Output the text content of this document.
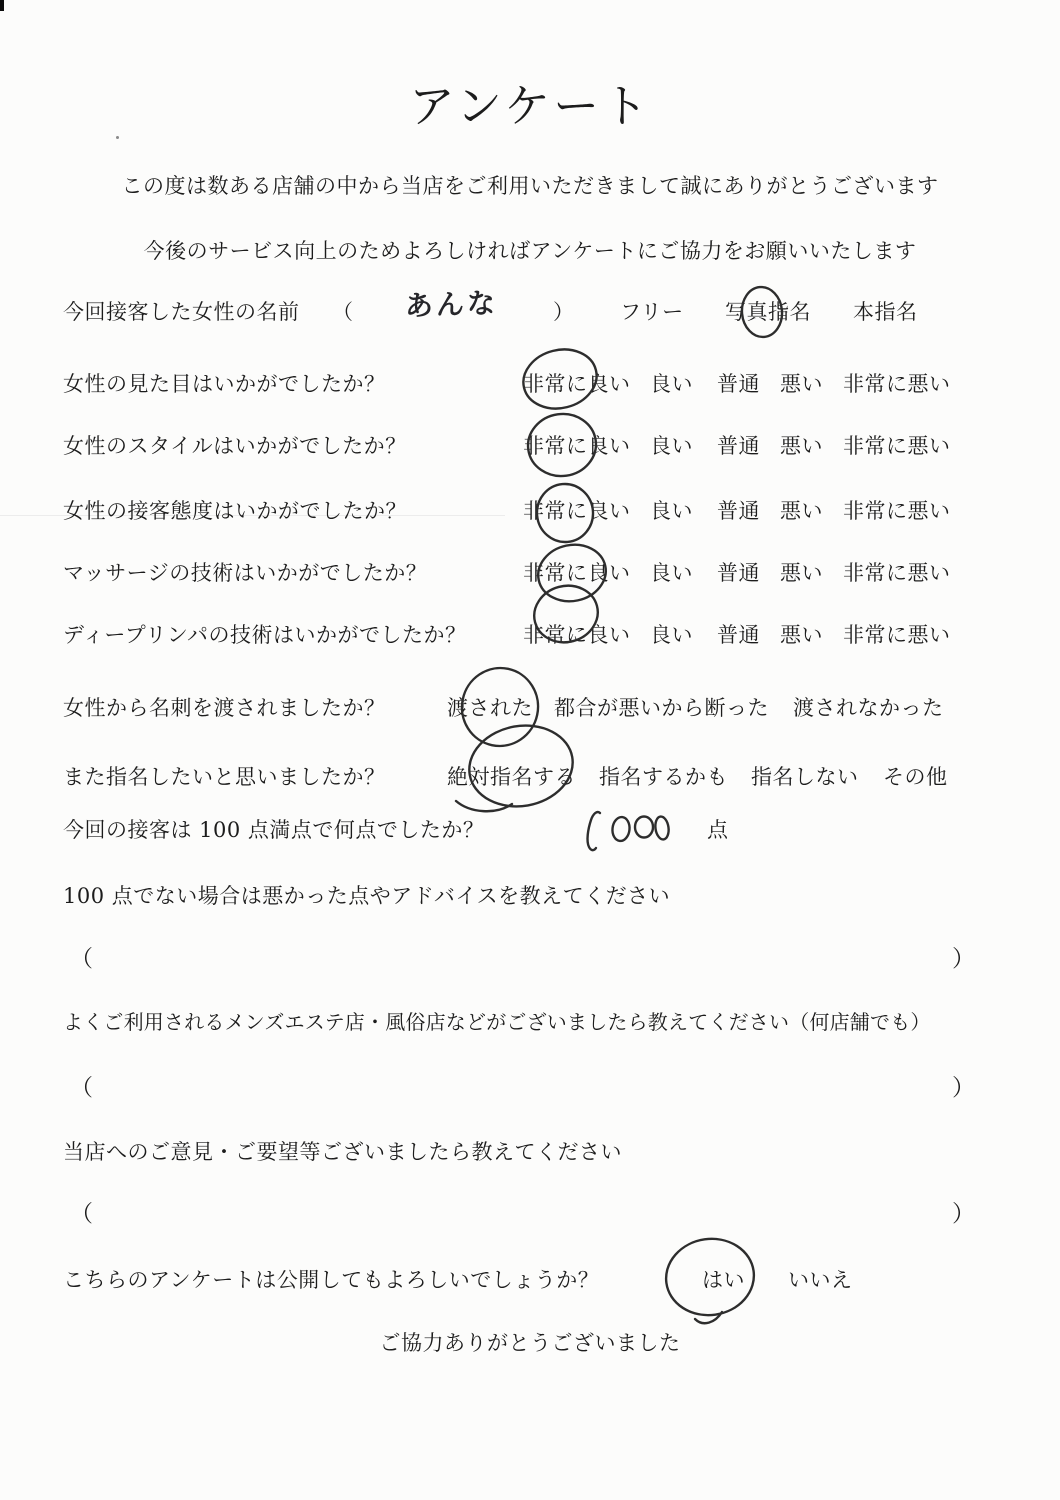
アンケート
この度は数ある店舗の中から当店をご利用いただきまして誠にありがとうございます
今後のサービス向上のためよろしければアンケートにご協力をお願いいたします
今回接客した女性の名前 （ あんな	） フリー 写真指名 本指名
女性の見た目はいかがでしたか？	非常に良い 良い 普通 悪い 非常に悪い
女性のスタイルはいかがでしたか？	非常に良い 良い 普通 悪い 非常に悪い
女性の接客態度はいかがでしたか？	非常に良い 良い 普通 悪い 非常に悪い
マッサージの技術はいかがでしたか？	非常に良い 良い 普通 悪い 非常に悪い
ディープリンパの技術はいかがでしたか？	非常に良い 良い 普通 悪い 非常に悪い
女性から名刺を渡されましたか？	渡された 都合が悪いから断った 渡されなかった
また指名したいと思いましたか？	絶対指名する 指名するかも 指名しない その他
今回の接客は 100 点満点で何点でしたか？	点
100 点でない場合は悪かった点やアドバイスを教えてください
（	）
よくご利用されるメンズエステ店・風俗店などがございましたら教えてください（何店舗でも）
（	）
当店へのご意見・ご要望等ございましたら教えてください
（	）
こちらのアンケートは公開してもよろしいでしょうか？	はい いいえ
ご協力ありがとうございました
